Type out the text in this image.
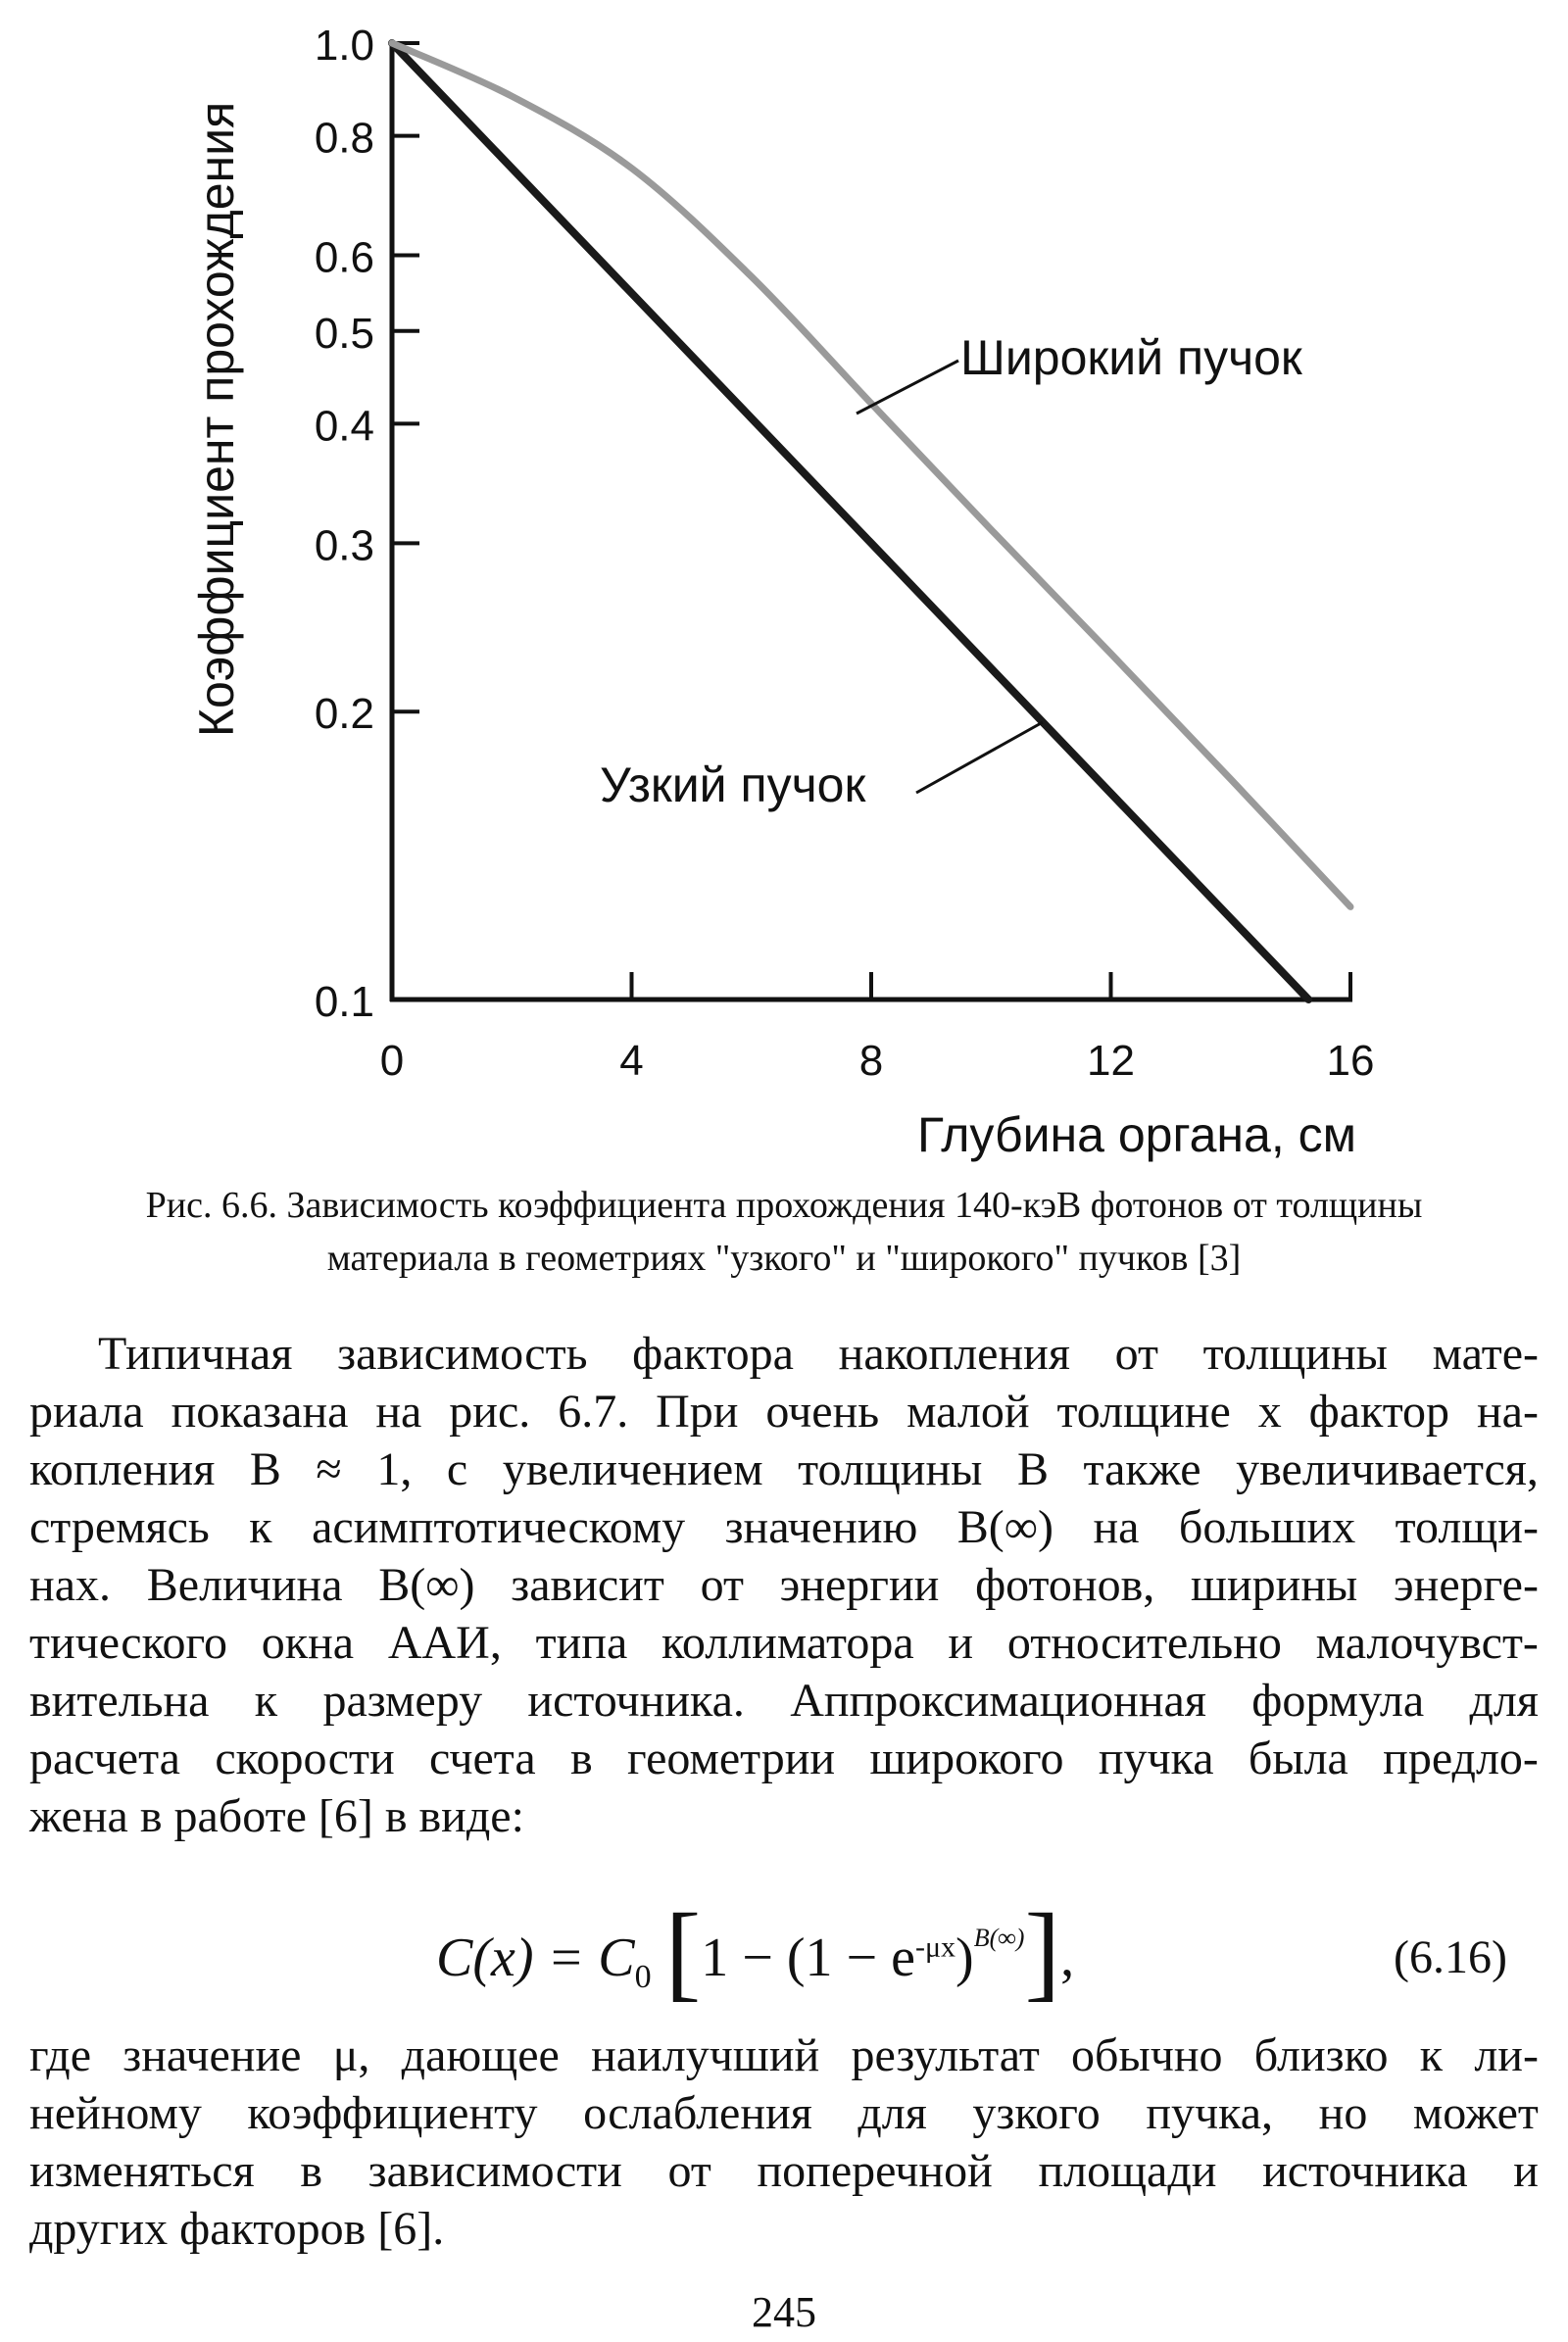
1.0
0.8
0.6
0.5
0.4
0.3
0.2
0.1
0	4	8	12	16
Широкий пучок
Узкий пучок
Коэффициент прохождения
Глубина органа, см
Рис. 6.6. Зависимость коэффициента прохождения 140-кэВ фотонов от толщины
материала в геометриях "узкого" и "широкого" пучков [3]
Типичная зависимость фактора накопления от толщины мате-
риала показана на рис. 6.7. При очень малой толщине x фактор на-
копления B ≈ 1, с увеличением толщины B также увеличивается,
стремясь к асимптотическому значению B(∞) на больших толщи-
нах. Величина B(∞) зависит от энергии фотонов, ширины энерге-
тического окна ААИ, типа коллиматора и относительно малочувст-
вительна к размеру источника. Аппроксимационная формула для
расчета скорости счета в геометрии широкого пучка была предло-
жена в работе [6] в виде:
$C(x) = C_0$ $[1 - (1 - e^{-\mu x})^{B(\infty)}]$,	(6.16)
где значение μ, дающее наилучший результат обычно близко к ли-
нейному коэффициенту ослабления для узкого пучка, но может
изменяться в зависимости от поперечной площади источника и
других факторов [6].
245
